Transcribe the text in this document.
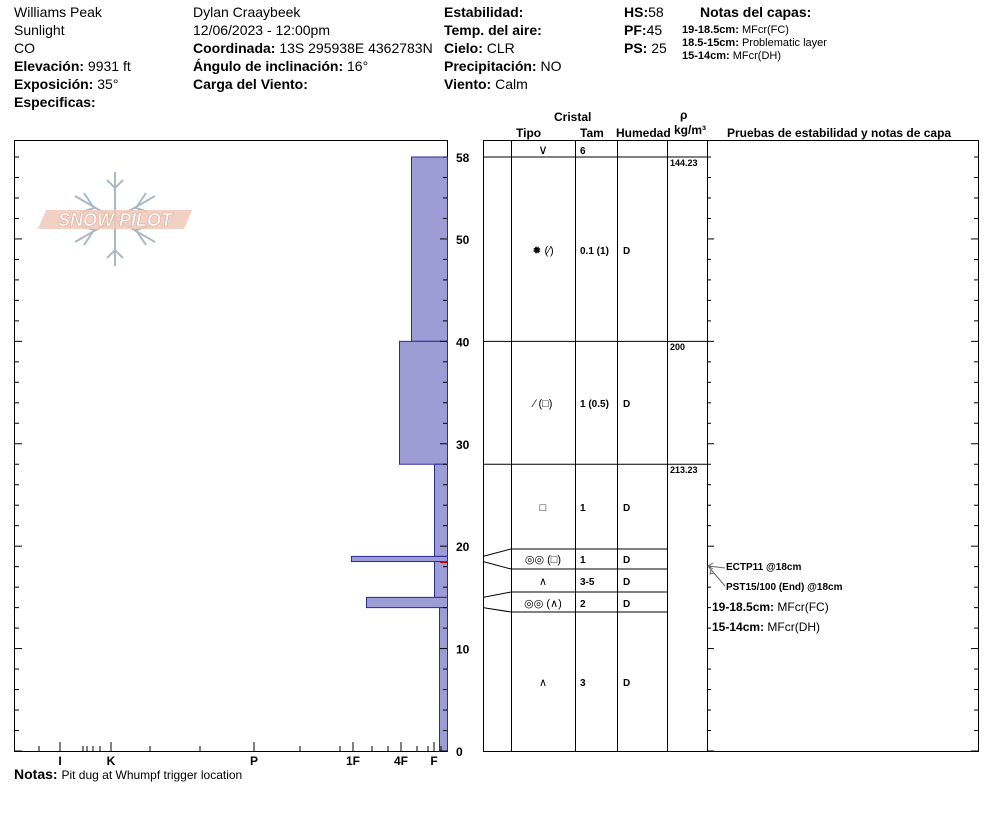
Williams Peak
Sunlight
CO
Elevación: 9931 ft
Exposición: 35°
Especificas:
Dylan Craaybeek
12/06/2023 - 12:00pm
Coordinada: 13S 295938E 4362783N
Ángulo de inclinación: 16°
Carga del Viento:
Estabilidad:
Temp. del aire:
Cielo: CLR
Precipitación: NO
Viento: Calm
HS:58
PF:45
PS: 25
Notas del capas:
19-18.5cm: MFcr(FC)
18.5-15cm: Problematic layer
15-14cm: MFcr(DH)
Cristal
Tipo	Tam Humedad
ρ
kg/m³ Pruebas de estabilidad y notas de capa
SNOW PILOT
I	K	P	1F	4F F
0
10
20
30
40
50
58
∨	6
✹ (⁄)	0.1 (1) D
144.23
⁄ (□)	1 (0.5) D
200
□	1	D
213.23
◎◎ (□) 1	D
∧	3-5	D
◎◎ (∧) 2	D
∧	3	D
ECTP11 @18cm
PST15/100 (End) @18cm
19-18.5cm: MFcr(FC)
15-14cm: MFcr(DH)
Notas: Pit dug at Whumpf trigger location
